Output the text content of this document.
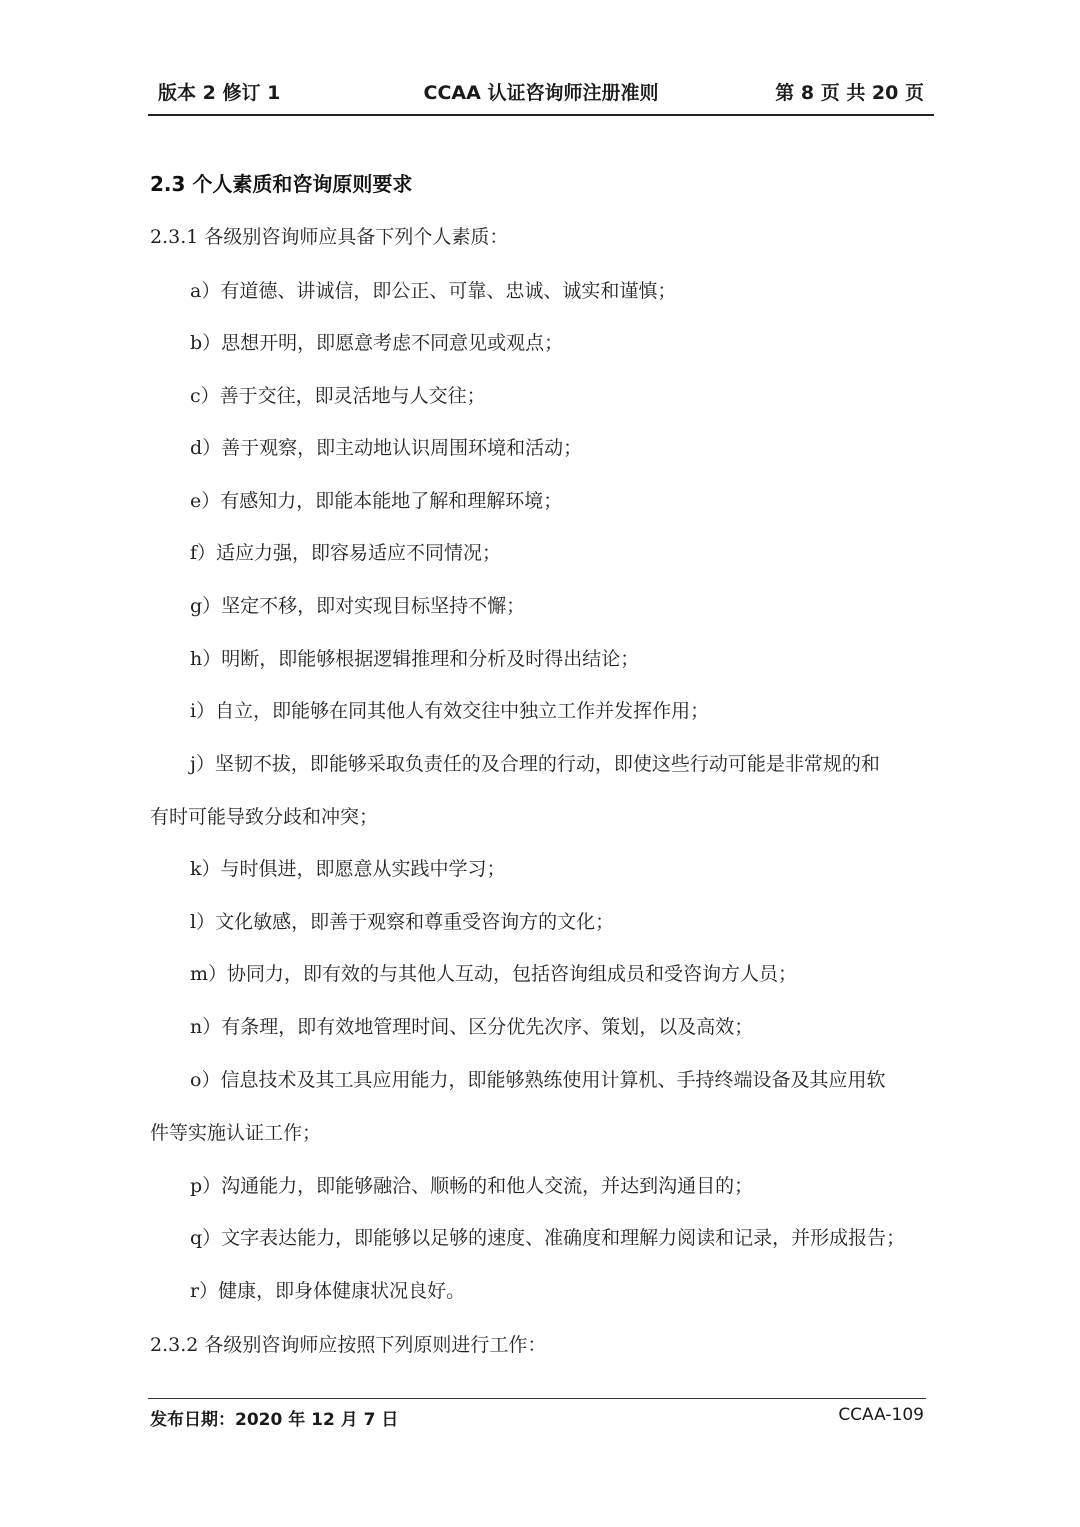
版本 2 修订 1	CCAA 认证咨询师注册准则	第 8 页 共 20 页
2.3 个人素质和咨询原则要求
2.3.1 各级别咨询师应具备下列个人素质：
a）有道德、讲诚信，即公正、可靠、忠诚、诚实和谨慎；
b）思想开明，即愿意考虑不同意见或观点；
c）善于交往，即灵活地与人交往；
d）善于观察，即主动地认识周围环境和活动；
e）有感知力，即能本能地了解和理解环境；
f）适应力强，即容易适应不同情况；
g）坚定不移，即对实现目标坚持不懈；
h）明断，即能够根据逻辑推理和分析及时得出结论；
i）自立，即能够在同其他人有效交往中独立工作并发挥作用；
j）坚韧不拔，即能够采取负责任的及合理的行动，即使这些行动可能是非常规的和
有时可能导致分歧和冲突；
k）与时俱进，即愿意从实践中学习；
l）文化敏感，即善于观察和尊重受咨询方的文化；
m）协同力，即有效的与其他人互动，包括咨询组成员和受咨询方人员；
n）有条理，即有效地管理时间、区分优先次序、策划，以及高效；
o）信息技术及其工具应用能力，即能够熟练使用计算机、手持终端设备及其应用软
件等实施认证工作；
p）沟通能力，即能够融洽、顺畅的和他人交流，并达到沟通目的；
q）文字表达能力，即能够以足够的速度、准确度和理解力阅读和记录，并形成报告；
r）健康，即身体健康状况良好。
2.3.2 各级别咨询师应按照下列原则进行工作：
发布日期：2020 年 12 月 7 日	CCAA-109
